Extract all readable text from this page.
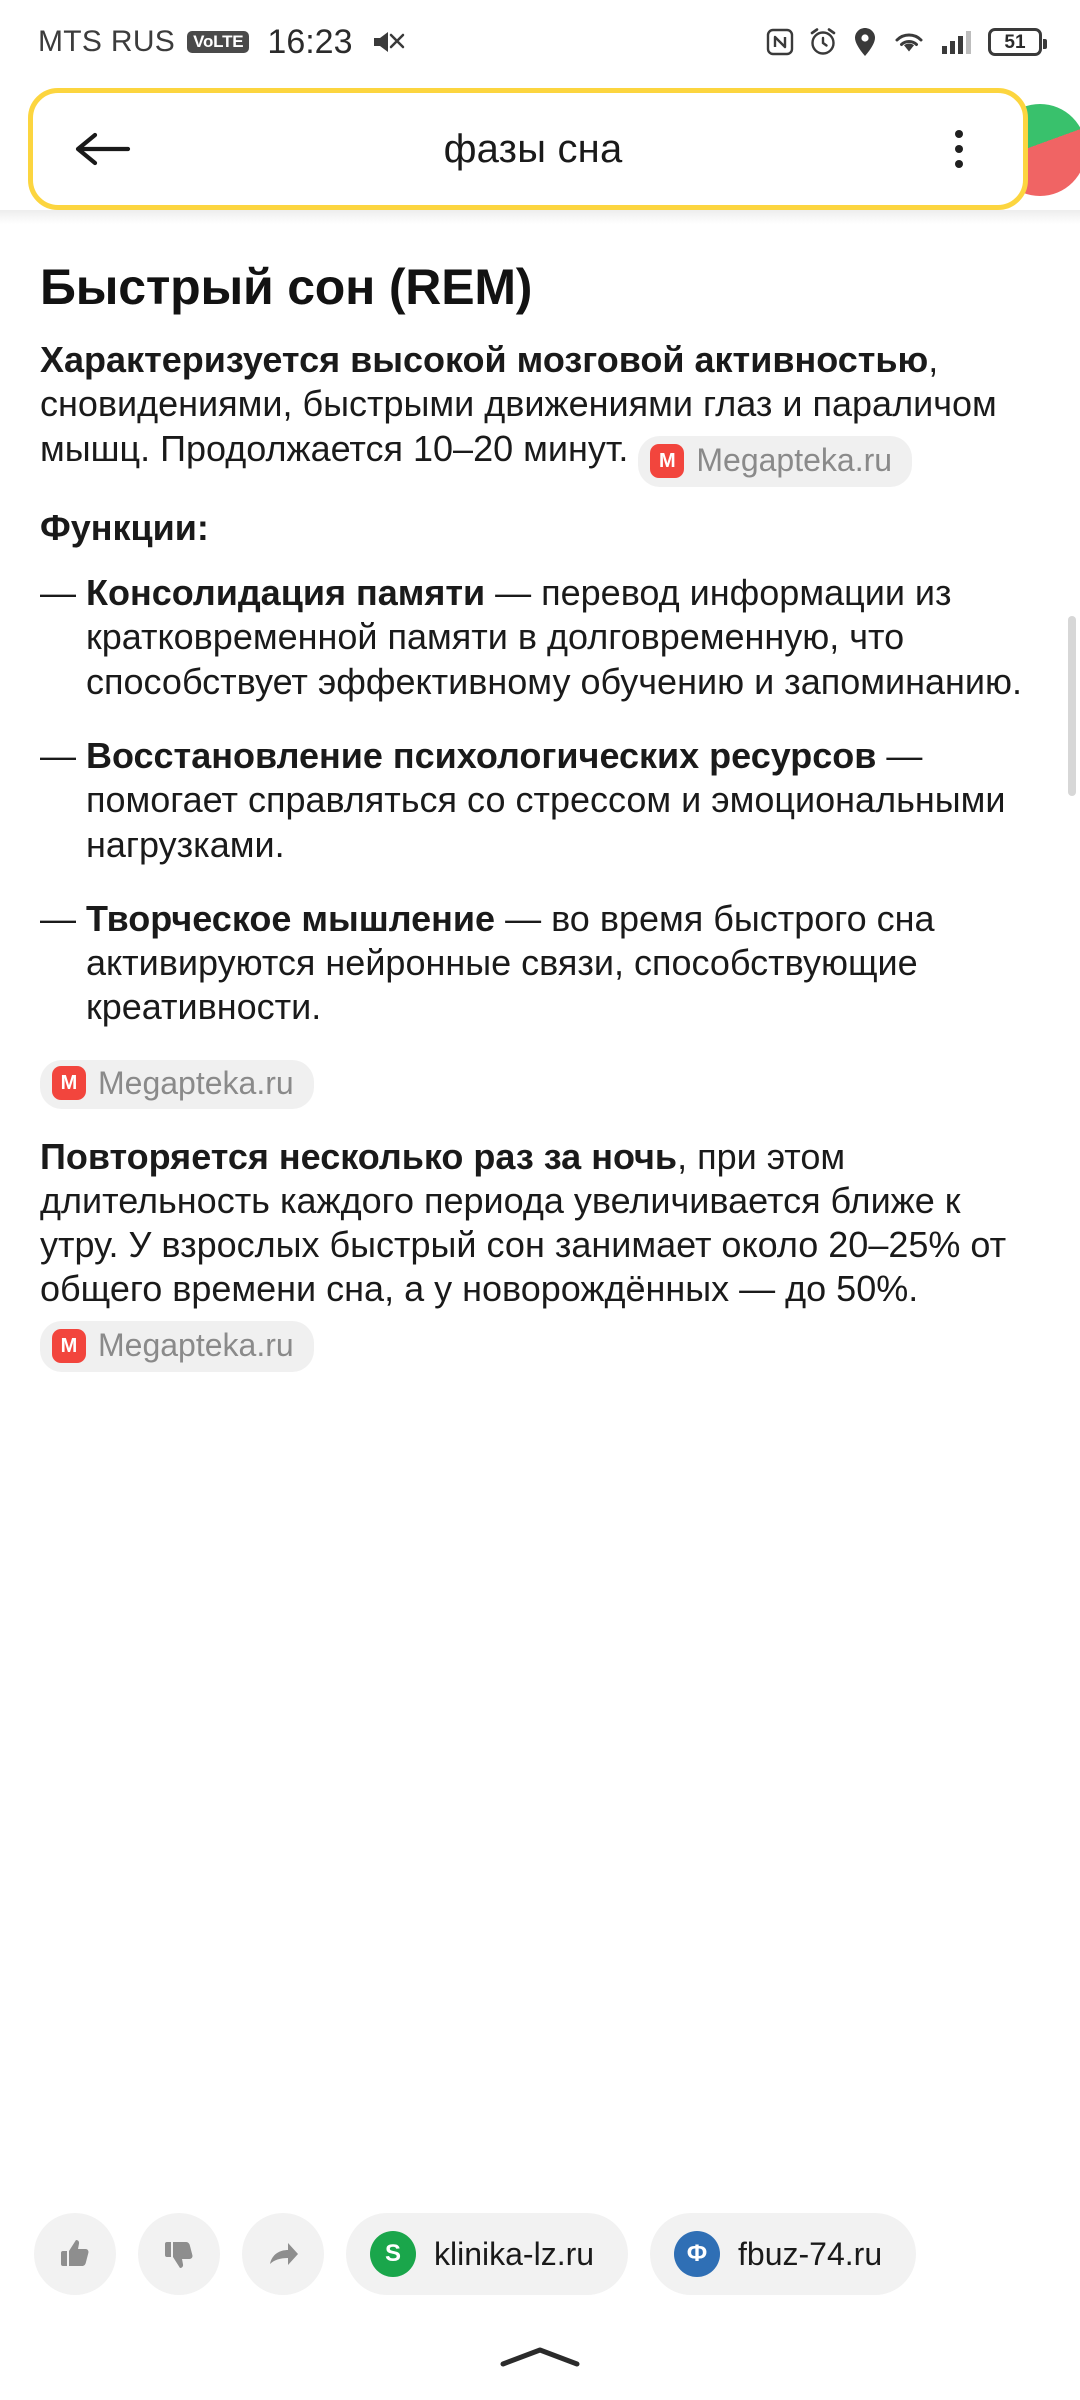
MTS RUS	VoLTE 16:23	51
фазы сна
Быстрый сон (REM)

Характеризуется высокой мозговой активностью, сновидениями, быстрыми движениями глаз и параличом мышц. Продолжается 10–20 минут.	M Megapteka.ru

Функции:
— Консолидация памяти — перевод информации из кратковременной памяти в долговременную, что способствует эффективному обучению и запоминанию.
— Восстановление психологических ресурсов — помогает справляться со стрессом и эмоциональными нагрузками.
— Творческое мышление — во время быстрого сна активируются нейронные связи, способствующие креативности.
M Megapteka.ru

Повторяется несколько раз за ночь, при этом длительность каждого периода увеличивается ближе к утру. У взрослых быстрый сон занимает около 20–25% от общего времени сна, а у новорождённых — до 50%.
M Megapteka.ru

S	klinika-lz.ru	Ф fbuz-74.ru
